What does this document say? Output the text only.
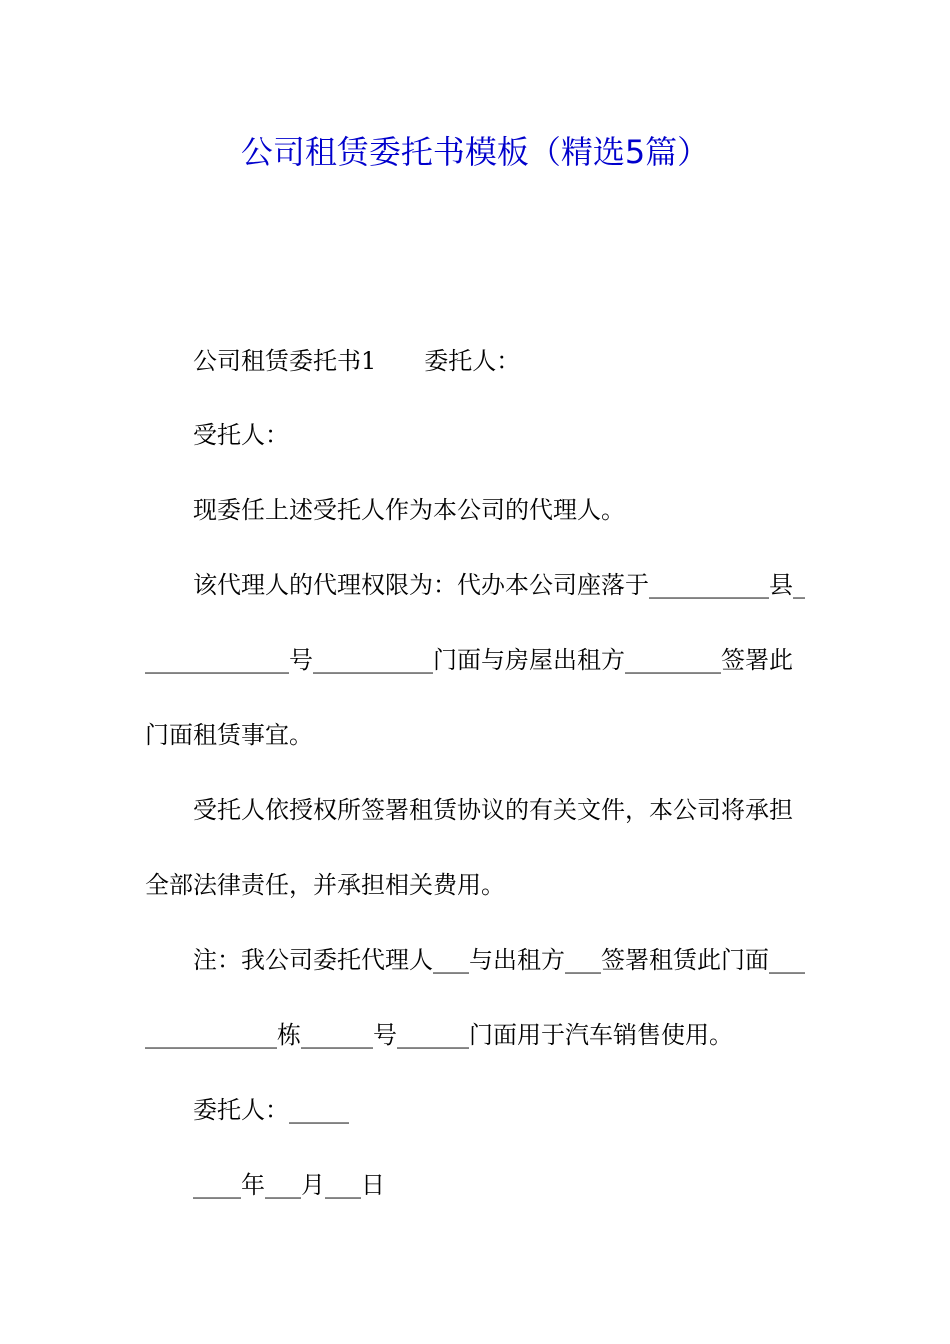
公司租赁委托书模板（精选5篇）
公司租赁委托书1 委托人：
受托人：
现委任上述受托人作为本公司的代理人。
该代理人的代理权限为：代办本公司座落于__________县_
____________号__________门面与房屋出租方________签署此
门面租赁事宜。
受托人依授权所签署租赁协议的有关文件，本公司将承担
全部法律责任，并承担相关费用。
注：我公司委托代理人___与出租方___签署租赁此门面___
___________栋______号______门面用于汽车销售使用。
委托人：_____
____年___月___日
